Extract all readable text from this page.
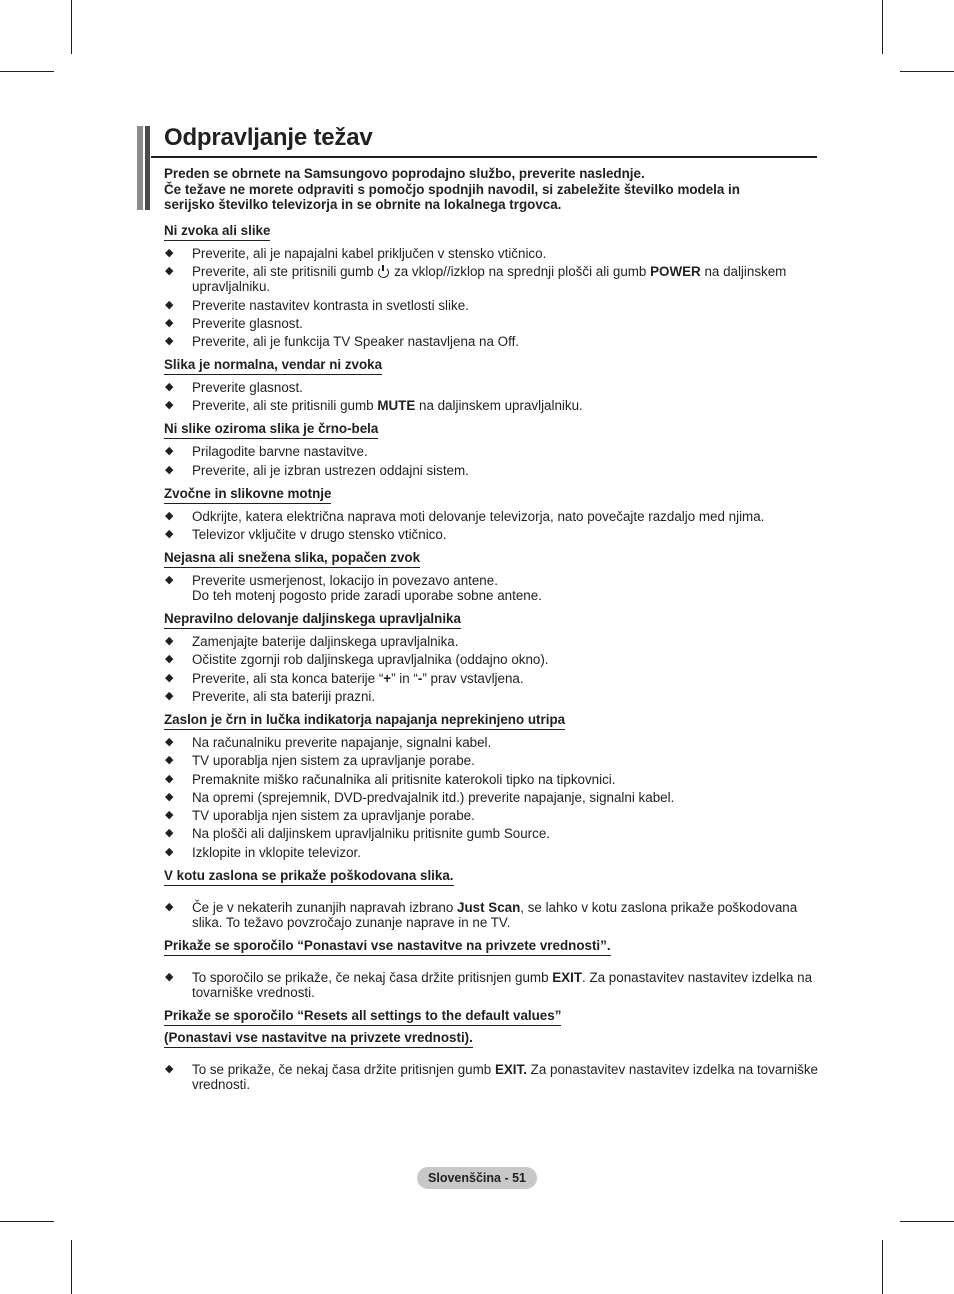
Odpravljanje težav
Preden se obrnete na Samsungovo poprodajno službo, preverite naslednje.
Če težave ne morete odpraviti s pomočjo spodnjih navodil, si zabeležite številko modela in
serijsko številko televizorja in se obrnite na lokalnega trgovca.
Ni zvoka ali slike
◆ Preverite, ali je napajalni kabel priključen v stensko vtičnico.
◆ Preverite, ali ste pritisnili gumb za vklop//izklop na sprednji plošči ali gumb POWER na daljinskem upravljalniku.
◆ Preverite nastavitev kontrasta in svetlosti slike.
◆ Preverite glasnost.
◆ Preverite, ali je funkcija TV Speaker nastavljena na Off.
Slika je normalna, vendar ni zvoka
◆ Preverite glasnost.
◆ Preverite, ali ste pritisnili gumb MUTE na daljinskem upravljalniku.
Ni slike oziroma slika je črno-bela
◆ Prilagodite barvne nastavitve.
◆ Preverite, ali je izbran ustrezen oddajni sistem.
Zvočne in slikovne motnje
◆ Odkrijte, katera električna naprava moti delovanje televizorja, nato povečajte razdaljo med njima.
◆ Televizor vključite v drugo stensko vtičnico.
Nejasna ali snežena slika, popačen zvok
◆ Preverite usmerjenost, lokacijo in povezavo antene.
Do teh motenj pogosto pride zaradi uporabe sobne antene.
Nepravilno delovanje daljinskega upravljalnika
◆ Zamenjajte baterije daljinskega upravljalnika.
◆ Očistite zgornji rob daljinskega upravljalnika (oddajno okno).
◆ Preverite, ali sta konca baterije “+” in “-” prav vstavljena.
◆ Preverite, ali sta bateriji prazni.
Zaslon je črn in lučka indikatorja napajanja neprekinjeno utripa
◆ Na računalniku preverite napajanje, signalni kabel.
◆ TV uporablja njen sistem za upravljanje porabe.
◆ Premaknite miško računalnika ali pritisnite katerokoli tipko na tipkovnici.
◆ Na opremi (sprejemnik, DVD-predvajalnik itd.) preverite napajanje, signalni kabel.
◆ TV uporablja njen sistem za upravljanje porabe.
◆ Na plošči ali daljinskem upravljalniku pritisnite gumb Source.
◆ Izklopite in vklopite televizor.
V kotu zaslona se prikaže poškodovana slika.
◆ Če je v nekaterih zunanjih napravah izbrano Just Scan, se lahko v kotu zaslona prikaže poškodovana slika. To težavo povzročajo zunanje naprave in ne TV.
Prikaže se sporočilo “Ponastavi vse nastavitve na privzete vrednosti”.
◆ To sporočilo se prikaže, če nekaj časa držite pritisnjen gumb EXIT. Za ponastavitev nastavitev izdelka na tovarniške vrednosti.
Prikaže se sporočilo “Resets all settings to the default values”
(Ponastavi vse nastavitve na privzete vrednosti).
◆ To se prikaže, če nekaj časa držite pritisnjen gumb EXIT. Za ponastavitev nastavitev izdelka na tovarniške vrednosti.
Slovenščina - 51
